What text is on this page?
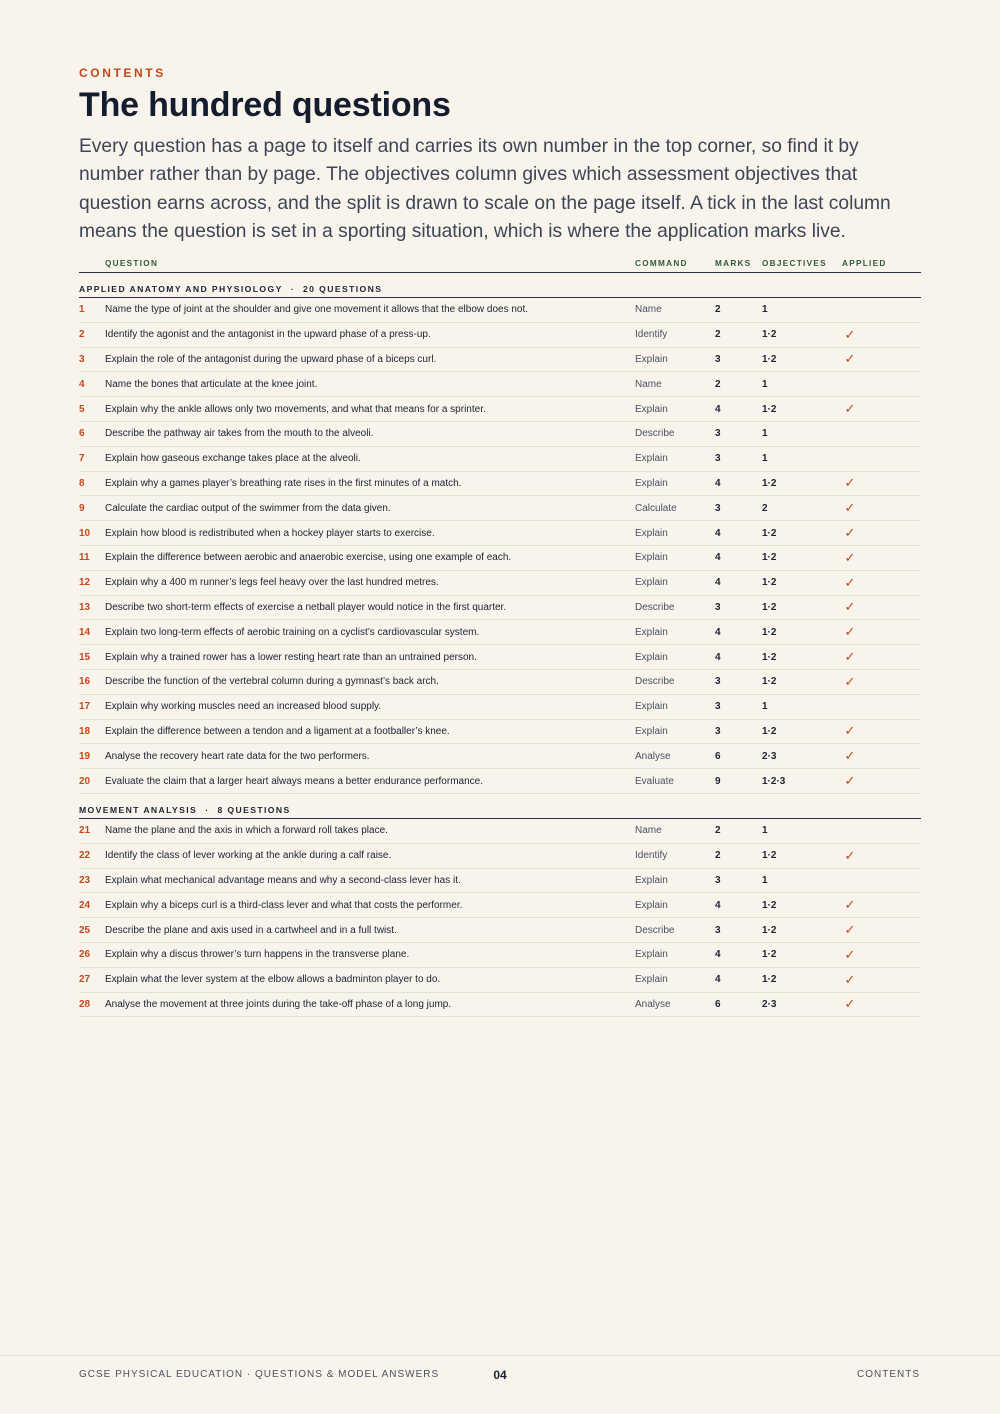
CONTENTS
The hundred questions

Every question has a page to itself and carries its own number in the top corner, so find it by number rather than by page. The objectives column gives which assessment objectives that question earns across, and the split is drawn to scale on the page itself. A tick in the last column means the question is set in a sporting situation, which is where the application marks live.

QUESTION	COMMAND	MARKS	OBJECTIVES	APPLIED
APPLIED ANATOMY AND PHYSIOLOGY · 20 QUESTIONS
1	Name the type of joint at the shoulder and give one movement it allows that the elbow does not.	Name	2	1
2	Identify the agonist and the antagonist in the upward phase of a press-up.	Identify	2	1·2	✓
3	Explain the role of the antagonist during the upward phase of a biceps curl.	Explain	3	1·2	✓
4	Name the bones that articulate at the knee joint.	Name	2	1
5	Explain why the ankle allows only two movements, and what that means for a sprinter.	Explain	4	1·2	✓
6	Describe the pathway air takes from the mouth to the alveoli.	Describe	3	1
7	Explain how gaseous exchange takes place at the alveoli.	Explain	3	1
8	Explain why a games player’s breathing rate rises in the first minutes of a match.	Explain	4	1·2	✓
9	Calculate the cardiac output of the swimmer from the data given.	Calculate	3	2	✓
10	Explain how blood is redistributed when a hockey player starts to exercise.	Explain	4	1·2	✓
11	Explain the difference between aerobic and anaerobic exercise, using one example of each.	Explain	4	1·2	✓
12	Explain why a 400 m runner’s legs feel heavy over the last hundred metres.	Explain	4	1·2	✓
13	Describe two short-term effects of exercise a netball player would notice in the first quarter.	Describe	3	1·2	✓
14	Explain two long-term effects of aerobic training on a cyclist’s cardiovascular system.	Explain	4	1·2	✓
15	Explain why a trained rower has a lower resting heart rate than an untrained person.	Explain	4	1·2	✓
16	Describe the function of the vertebral column during a gymnast’s back arch.	Describe	3	1·2	✓
17	Explain why working muscles need an increased blood supply.	Explain	3	1
18	Explain the difference between a tendon and a ligament at a footballer’s knee.	Explain	3	1·2	✓
19	Analyse the recovery heart rate data for the two performers.	Analyse	6	2·3	✓
20	Evaluate the claim that a larger heart always means a better endurance performance.	Evaluate	9	1·2·3	✓
MOVEMENT ANALYSIS · 8 QUESTIONS
21	Name the plane and the axis in which a forward roll takes place.	Name	2	1
22	Identify the class of lever working at the ankle during a calf raise.	Identify	2	1·2	✓
23	Explain what mechanical advantage means and why a second-class lever has it.	Explain	3	1
24	Explain why a biceps curl is a third-class lever and what that costs the performer.	Explain	4	1·2	✓
25	Describe the plane and axis used in a cartwheel and in a full twist.	Describe	3	1·2	✓
26	Explain why a discus thrower’s turn happens in the transverse plane.	Explain	4	1·2	✓
27	Explain what the lever system at the elbow allows a badminton player to do.	Explain	4	1·2	✓
28	Analyse the movement at three joints during the take-off phase of a long jump.	Analyse	6	2·3	✓
GCSE PHYSICAL EDUCATION · QUESTIONS & MODEL ANSWERS	04	CONTENTS
